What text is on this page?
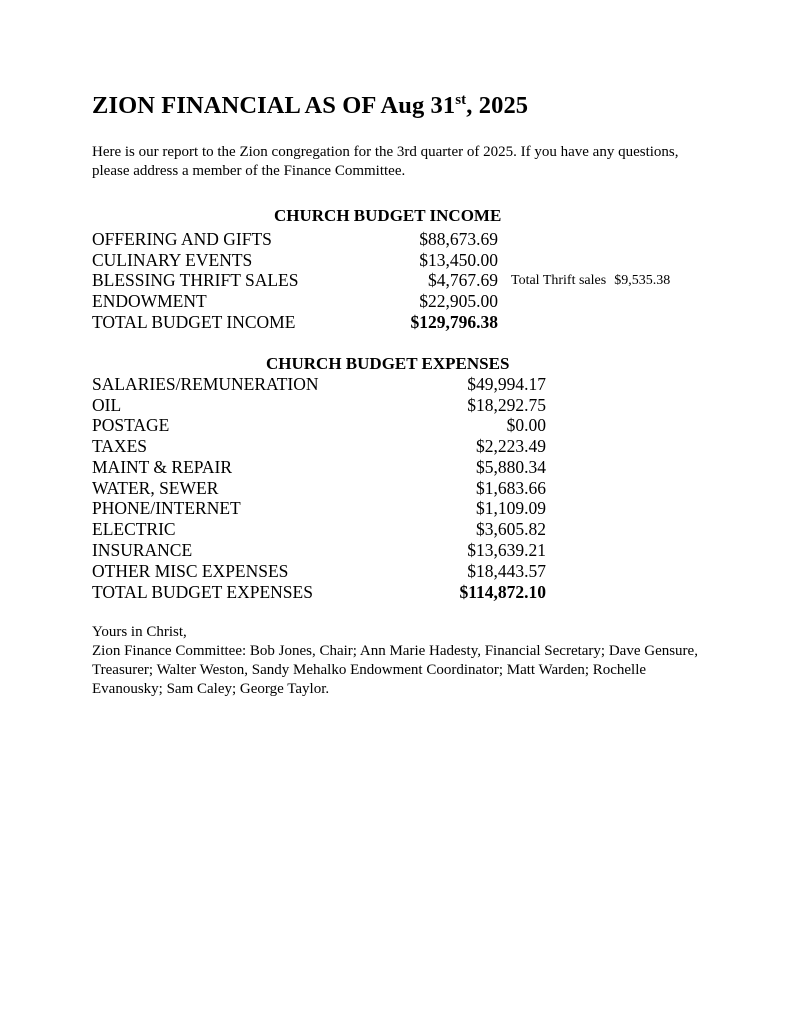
ZION FINANCIAL AS OF Aug 31st, 2025
Here is our report to the Zion congregation for the 3rd quarter of 2025. If you have any questions, please address a member of the Finance Committee.
CHURCH BUDGET INCOME
OFFERING AND GIFTS	$88,673.69
CULINARY EVENTS	$13,450.00
BLESSING THRIFT SALES	$4,767.69
ENDOWMENT	$22,905.00
TOTAL BUDGET INCOME	$129,796.38
Total Thrift sales $9,535.38
CHURCH BUDGET EXPENSES
SALARIES/REMUNERATION	$49,994.17
OIL	$18,292.75
POSTAGE	$0.00
TAXES	$2,223.49
MAINT & REPAIR	$5,880.34
WATER, SEWER	$1,683.66
PHONE/INTERNET	$1,109.09
ELECTRIC	$3,605.82
INSURANCE	$13,639.21
OTHER MISC EXPENSES	$18,443.57
TOTAL BUDGET EXPENSES	$114,872.10
Yours in Christ,
Zion Finance Committee: Bob Jones, Chair; Ann Marie Hadesty, Financial Secretary; Dave Gensure, Treasurer; Walter Weston, Sandy Mehalko Endowment Coordinator; Matt Warden; Rochelle Evanousky; Sam Caley; George Taylor.
